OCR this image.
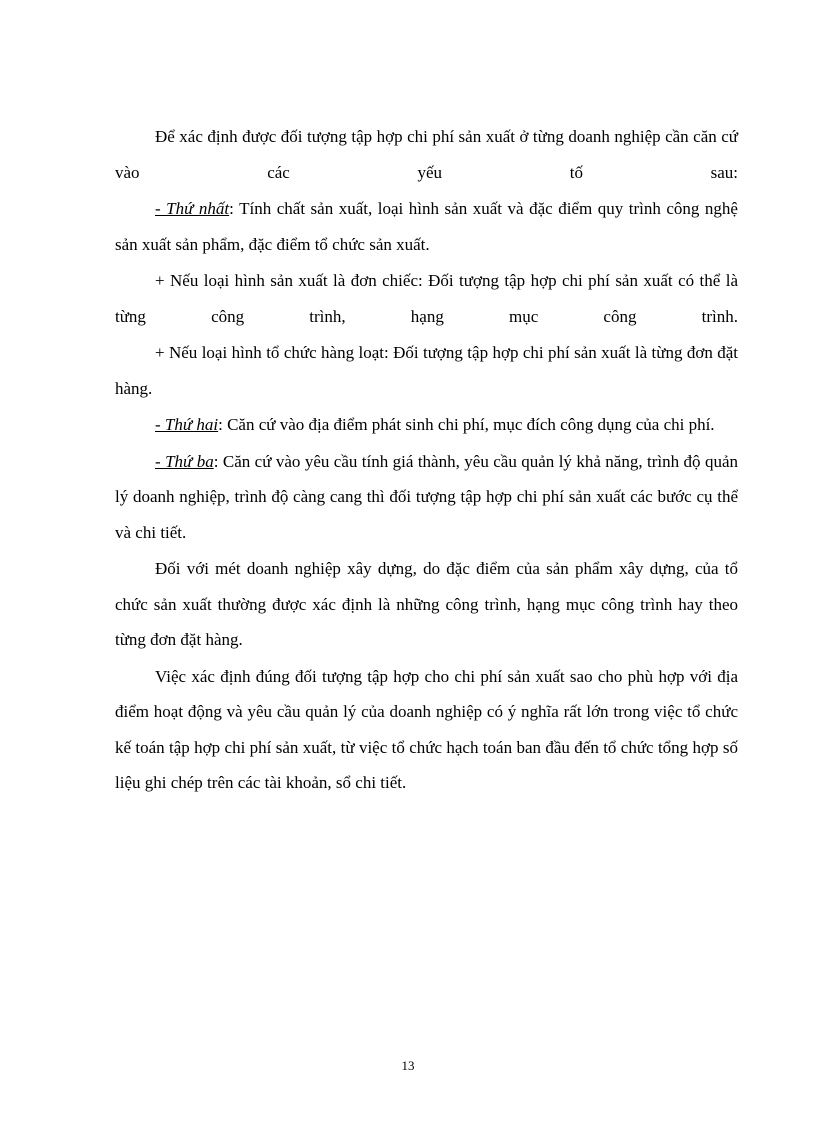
Để xác định được đối tượng tập hợp chi phí sản xuất ở từng doanh nghiệp cần căn cứ vào các yếu tố sau:

- Thứ nhất: Tính chất sản xuất, loại hình sản xuất và đặc điểm quy trình công nghệ sản xuất sản phẩm, đặc điểm tổ chức sản xuất.

+ Nếu loại hình sản xuất là đơn chiếc: Đối tượng tập hợp chi phí sản xuất có thể là từng công trình, hạng mục công trình.

+ Nếu loại hình tổ chức hàng loạt: Đối tượng tập hợp chi phí sản xuất là từng đơn đặt hàng.

- Thứ hai: Căn cứ vào địa điểm phát sinh chi phí, mục đích công dụng của chi phí.

- Thứ ba: Căn cứ vào yêu cầu tính giá thành, yêu cầu quản lý khả năng, trình độ quản lý doanh nghiệp, trình độ càng cang thì đối tượng tập hợp chi phí sản xuất các bước cụ thể và chi tiết.

Đối với mét doanh nghiệp xây dựng, do đặc điểm của sản phẩm xây dựng, của tổ chức sản xuất thường được xác định là những công trình, hạng mục công trình hay theo từng đơn đặt hàng.

Việc xác định đúng đối tượng tập hợp cho chi phí sản xuất sao cho phù hợp với địa điểm hoạt động và yêu cầu quản lý của doanh nghiệp có ý nghĩa rất lớn trong việc tổ chức kế toán tập hợp chi phí sản xuất, từ việc tổ chức hạch toán ban đầu đến tổ chức tổng hợp số liệu ghi chép trên các tài khoản, sổ chi tiết.

13
